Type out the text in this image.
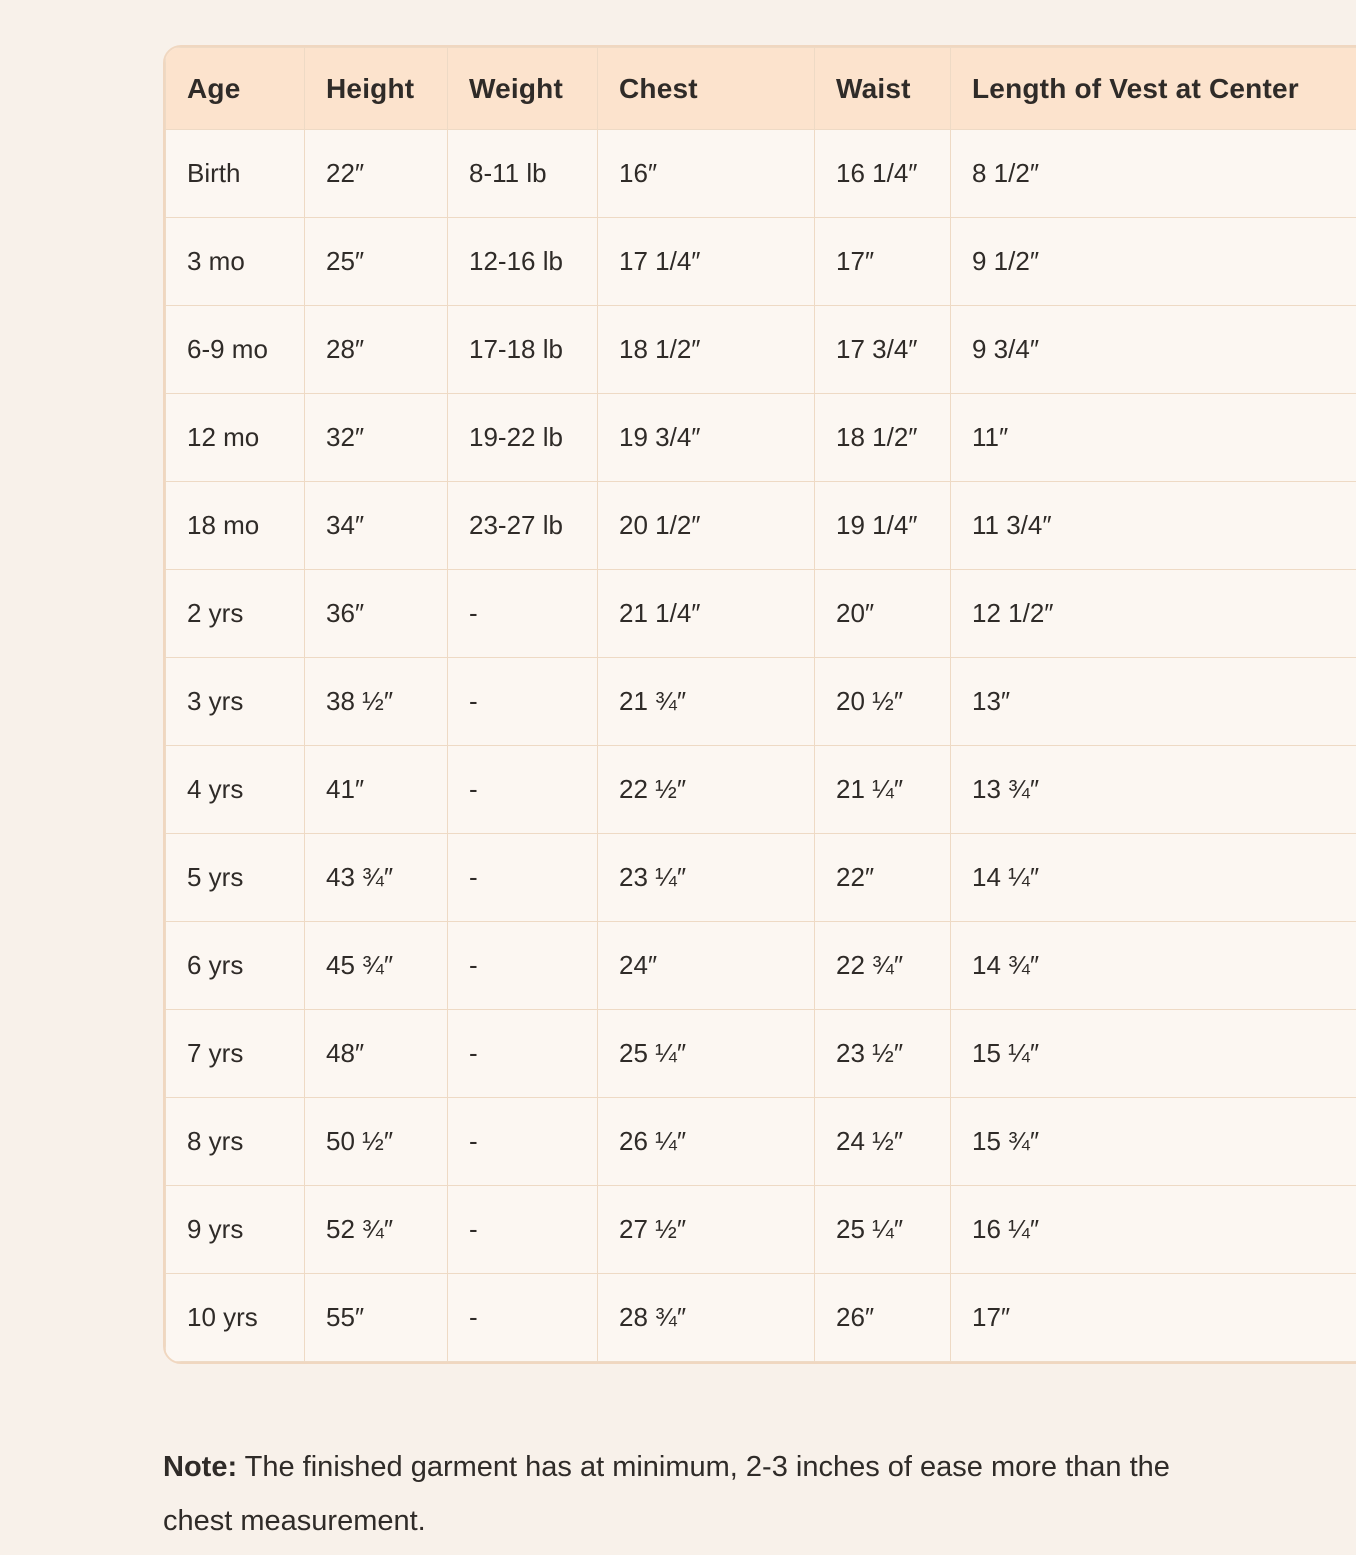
Age	Height	Weight	Chest	Waist	Length of Vest at Center
Birth	22″	8-11 lb	16″	16 1/4″	8 1/2″
3 mo	25″	12-16 lb	17 1/4″	17″	9 1/2″
6-9 mo	28″	17-18 lb	18 1/2″	17 3/4″	9 3/4″
12 mo	32″	19-22 lb	19 3/4″	18 1/2″	11″
18 mo	34″	23-27 lb	20 1/2″	19 1/4″	11 3/4″
2 yrs	36″	-	21 1/4″	20″	12 1/2″
3 yrs	38 ½″	-	21 ¾″	20 ½″	13″
4 yrs	41″	-	22 ½″	21 ¼″	13 ¾″
5 yrs	43 ¾″	-	23 ¼″	22″	14 ¼″
6 yrs	45 ¾″	-	24″	22 ¾″	14 ¾″
7 yrs	48″	-	25 ¼″	23 ½″	15 ¼″
8 yrs	50 ½″	-	26 ¼″	24 ½″	15 ¾″
9 yrs	52 ¾″	-	27 ½″	25 ¼″	16 ¼″
10 yrs	55″	-	28 ¾″	26″	17″

Note: The finished garment has at minimum, 2-3 inches of ease more than the chest measurement.
